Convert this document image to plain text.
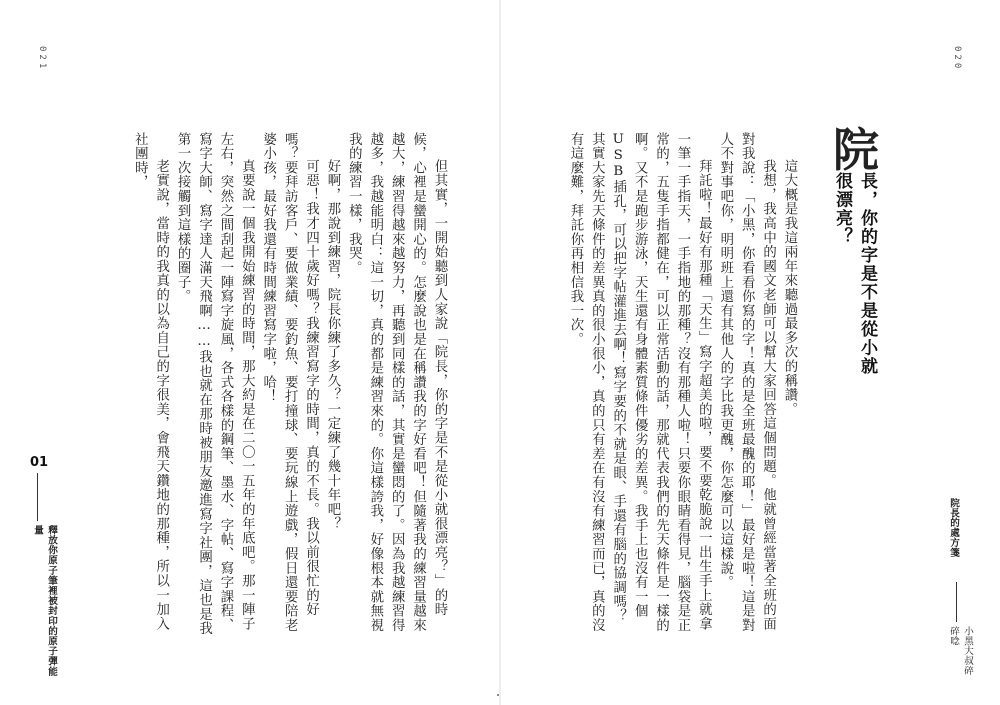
021

但其實，一開始聽到人家說「院長，你的字是不是從小就很漂亮？」的時候，心裡是蠻開心的。怎麼說也是在稱讚我的字好看吧！但隨著我的練習量越來越大，練習得越來越努力，再聽到同樣的話，其實是蠻悶的了。因為我越練習得越多，我越能明白：這一切，真的都是練習來的。你這樣誇我，好像根本就無視我的練習一樣，我哭。

好啊，那說到練習，院長你練了多久？一定練了幾十年吧？

可惡！我才四十歲好嗎？我練習寫字的時間，真的不長。我以前很忙的好嗎？要拜訪客戶、要做業績、要釣魚、要打撞球、要玩線上遊戲，假日還要陪老婆小孩，最好我還有時間練習寫字啦，哈！

真要說一個我開始練習的時間，那大約是在二〇一五年的年底吧。那一陣子左右，突然之間刮起一陣寫字旋風，各式各樣的鋼筆、墨水、字帖、寫字課程、寫字大師、寫字達人滿天飛啊……我也就在那時被朋友邀進寫字社團，這也是我第一次接觸到這樣的圈子。

老實說，當時的我真的以為自己的字很美，會飛天鑽地的那種，所以一加入社團時，

01
釋放你原子筆裡被封印的原子彈能量
020
院
長，你的字是不是從小就很漂亮？

這大概是我這兩年來聽過最多次的稱讚。

我想，我高中的國文老師可以幫大家回答這個問題。他就曾經當著全班的面對我說：「小黑，你看看你寫的字！真的是全班最醜的耶！」最好是啦！這是對人不對事吧你，明明班上還有其他人的字比我更醜，你怎麼可以這樣說。

拜託啦！最好有那種「天生」寫字超美的啦，要不要乾脆說一出生手上就拿一筆一手指天，一手指地的那種？沒有那種人啦！只要你眼睛看得見，腦袋是正常的，五隻手指都健在，可以正常活動的話，那就代表我們的先天條件是一樣的啊。又不是跑步游泳，天生還有身體素質條件優劣的差異。我手上也沒有一個USB插孔，可以把字帖灌進去啊！寫字要的不就是眼、手還有腦的協調嗎？其實大家先天條件的差異真的很小很小，真的只有差在有沒有練習而已，真的沒有這麼難，拜託你再相信我一次。

院長的處方箋
小黑大叔碎碎唸
